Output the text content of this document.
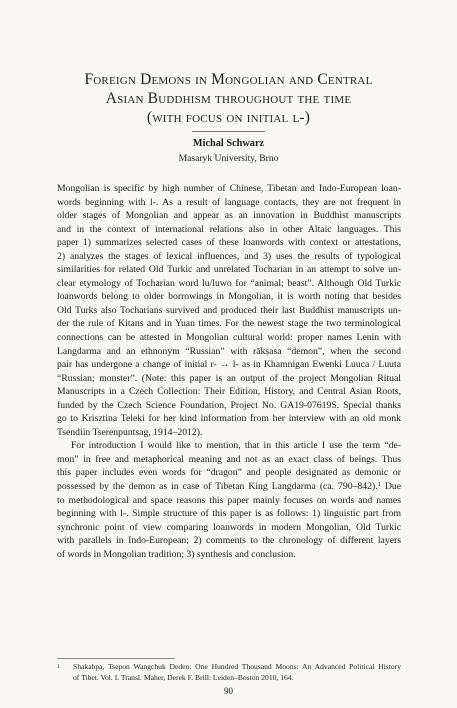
Foreign Demons in Mongolian and Central
Asian Buddhism throughout the time
(with focus on initial l-)
Michal Schwarz
Masaryk University, Brno
Mongolian is specific by high number of Chinese, Tibetan and Indo-European loan-
words beginning with l-. As a result of language contacts, they are not frequent in
older stages of Mongolian and appear as an innovation in Buddhist manuscripts
and in the context of international relations also in other Altaic languages. This
paper 1) summarizes selected cases of these loanwords with context or attestations,
2) analyzes the stages of lexical influences, and 3) uses the results of typological
similarities for related Old Turkic and unrelated Tocharian in an attempt to solve un-
clear etymology of Tocharian word lu/luwo for “animal; beast”. Although Old Turkic
loanwords belong to older borrowings in Mongolian, it is worth noting that besides
Old Turks also Tocharians survived and produced their last Buddhist manuscripts un-
der the rule of Kitans and in Yuan times. For the newest stage the two terminological
connections can be attested in Mongolian cultural world: proper names Lenin with
Langdarma and an ethnonym “Russian” with rākṣasa “demon”, when the second
pair has undergone a change of initial r- → l- as in Khamnigan Ewenki Luuca / Luuta
“Russian; monster”. (Note: this paper is an output of the project Mongolian Ritual
Manuscripts in a Czech Collection: Their Edition, History, and Central Asian Roots,
funded by the Czech Science Foundation, Project No. GA19-07619S. Special thanks
go to Krisztina Teleki for her kind information from her interview with an old monk
Tsendiin Tserenpuntsag, 1914–2012).
For introduction I would like to mention, that in this article I use the term “de-
mon” in free and metaphorical meaning and not as an exact class of beings. Thus
this paper includes even words for “dragon” and people designated as demonic or
possessed by the demon as in case of Tibetan King Langdarma (ca. 790–842).$^1$ Due
to methodological and space reasons this paper mainly focuses on words and names
beginning with l-. Simple structure of this paper is as follows: 1) linguistic part from
synchronic point of view comparing loanwords in modern Mongolian, Old Turkic
with parallels in Indo-European; 2) comments to the chronology of different layers
of words in Mongolian tradition; 3) synthesis and conclusion.
1 Shakabpa, Tsepon Wangchuk Deden: One Hundred Thousand Moons: An Advanced Political History
of Tibet. Vol. I. Transl. Maher, Derek F. Brill: Leiden–Boston 2010, 164.
90
